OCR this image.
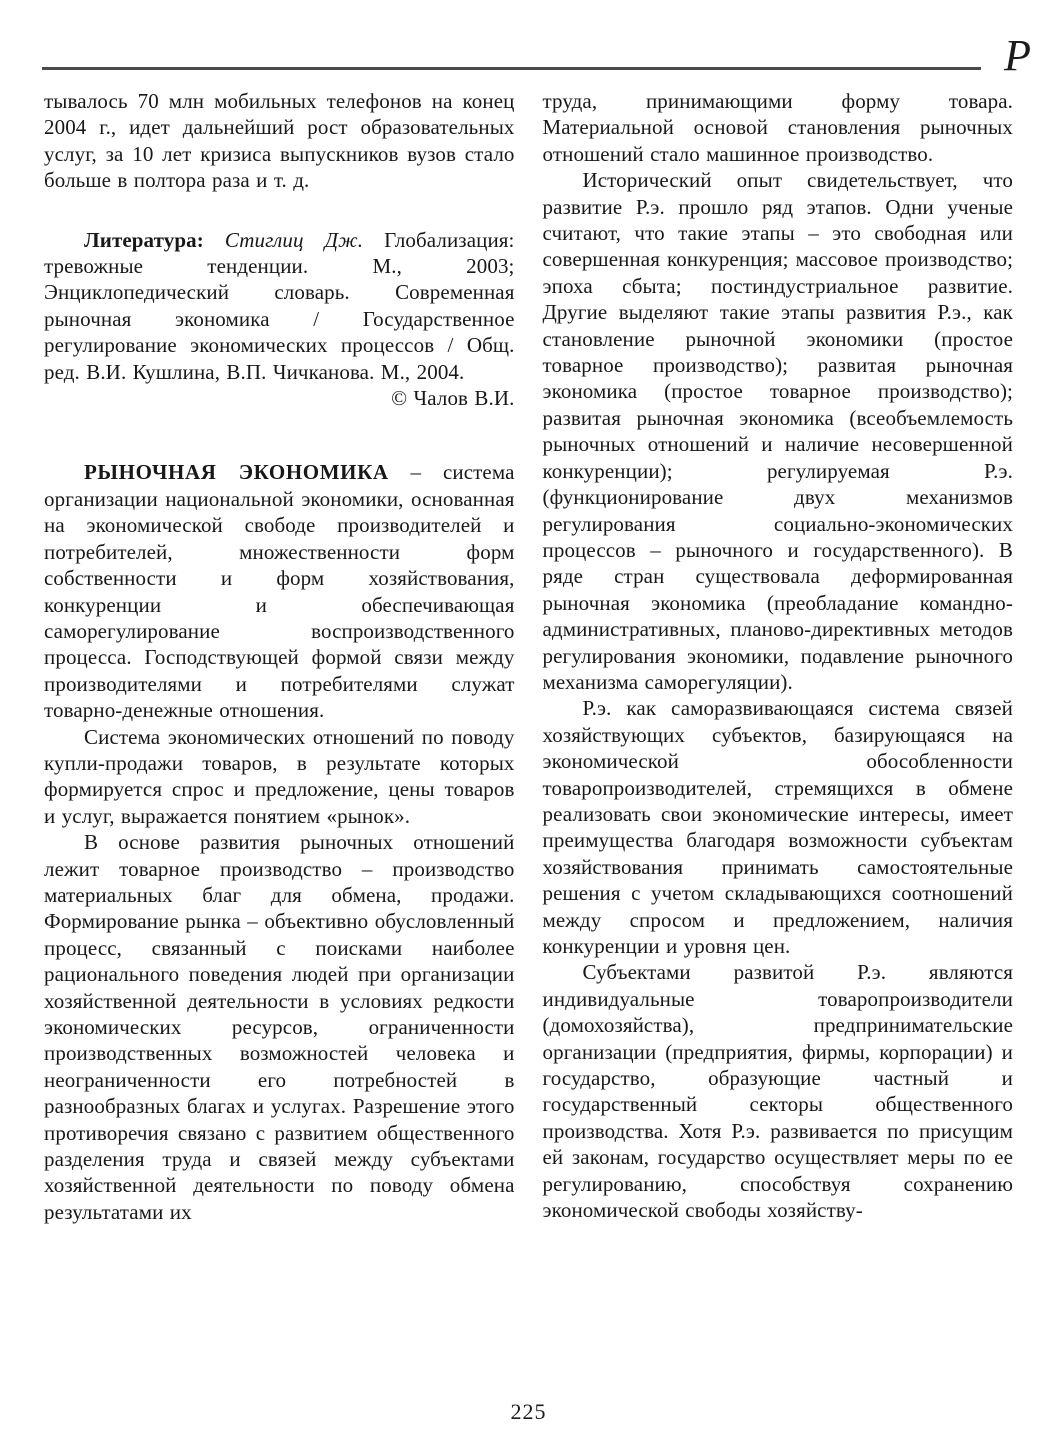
Р

тывалось 70 млн мобильных телефонов на конец 2004 г., идет дальнейший рост образовательных услуг, за 10 лет кризиса выпускников вузов стало больше в полтора раза и т. д.

Литература: Стиглиц Дж. Глобализация: тревожные тенденции. М., 2003; Энциклопедический словарь. Современная рыночная экономика / Государственное регулирование экономических процессов / Общ. ред. В.И. Кушлина, В.П. Чичканова. М., 2004.

© Чалов В.И.

РЫНОЧНАЯ ЭКОНОМИКА – система организации национальной экономики, основанная на экономической свободе производителей и потребителей, множественности форм собственности и форм хозяйствования, конкуренции и обеспечивающая саморегулирование воспроизводственного процесса. Господствующей формой связи между производителями и потребителями служат товарно-денежные отношения.

Система экономических отношений по поводу купли-продажи товаров, в результате которых формируется спрос и предложение, цены товаров и услуг, выражается понятием «рынок».

В основе развития рыночных отношений лежит товарное производство – производство материальных благ для обмена, продажи. Формирование рынка – объективно обусловленный процесс, связанный с поисками наиболее рационального поведения людей при организации хозяйственной деятельности в условиях редкости экономических ресурсов, ограниченности производственных возможностей человека и неограниченности его потребностей в разнообразных благах и услугах. Разрешение этого противоречия связано с развитием общественного разделения труда и связей между субъектами хозяйственной деятельности по поводу обмена результатами их

труда, принимающими форму товара. Материальной основой становления рыночных отношений стало машинное производство.

Исторический опыт свидетельствует, что развитие Р.э. прошло ряд этапов. Одни ученые считают, что такие этапы – это свободная или совершенная конкуренция; массовое производство; эпоха сбыта; постиндустриальное развитие. Другие выделяют такие этапы развития Р.э., как становление рыночной экономики (простое товарное производство); развитая рыночная экономика (простое товарное производство); развитая рыночная экономика (всеобъемлемость рыночных отношений и наличие несовершенной конкуренции); регулируемая Р.э. (функционирование двух механизмов регулирования социально-экономических процессов – рыночного и государственного). В ряде стран существовала деформированная рыночная экономика (преобладание командно-административных, планово-директивных методов регулирования экономики, подавление рыночного механизма саморегуляции).

Р.э. как саморазвивающаяся система связей хозяйствующих субъектов, базирующаяся на экономической обособленности товаропроизводителей, стремящихся в обмене реализовать свои экономические интересы, имеет преимущества благодаря возможности субъектам хозяйствования принимать самостоятельные решения с учетом складывающихся соотношений между спросом и предложением, наличия конкуренции и уровня цен.

Субъектами развитой Р.э. являются индивидуальные товаропроизводители (домохозяйства), предпринимательские организации (предприятия, фирмы, корпорации) и государство, образующие частный и государственный секторы общественного производства. Хотя Р.э. развивается по присущим ей законам, государство осуществляет меры по ее регулированию, способствуя сохранению экономической свободы хозяйству-

225
